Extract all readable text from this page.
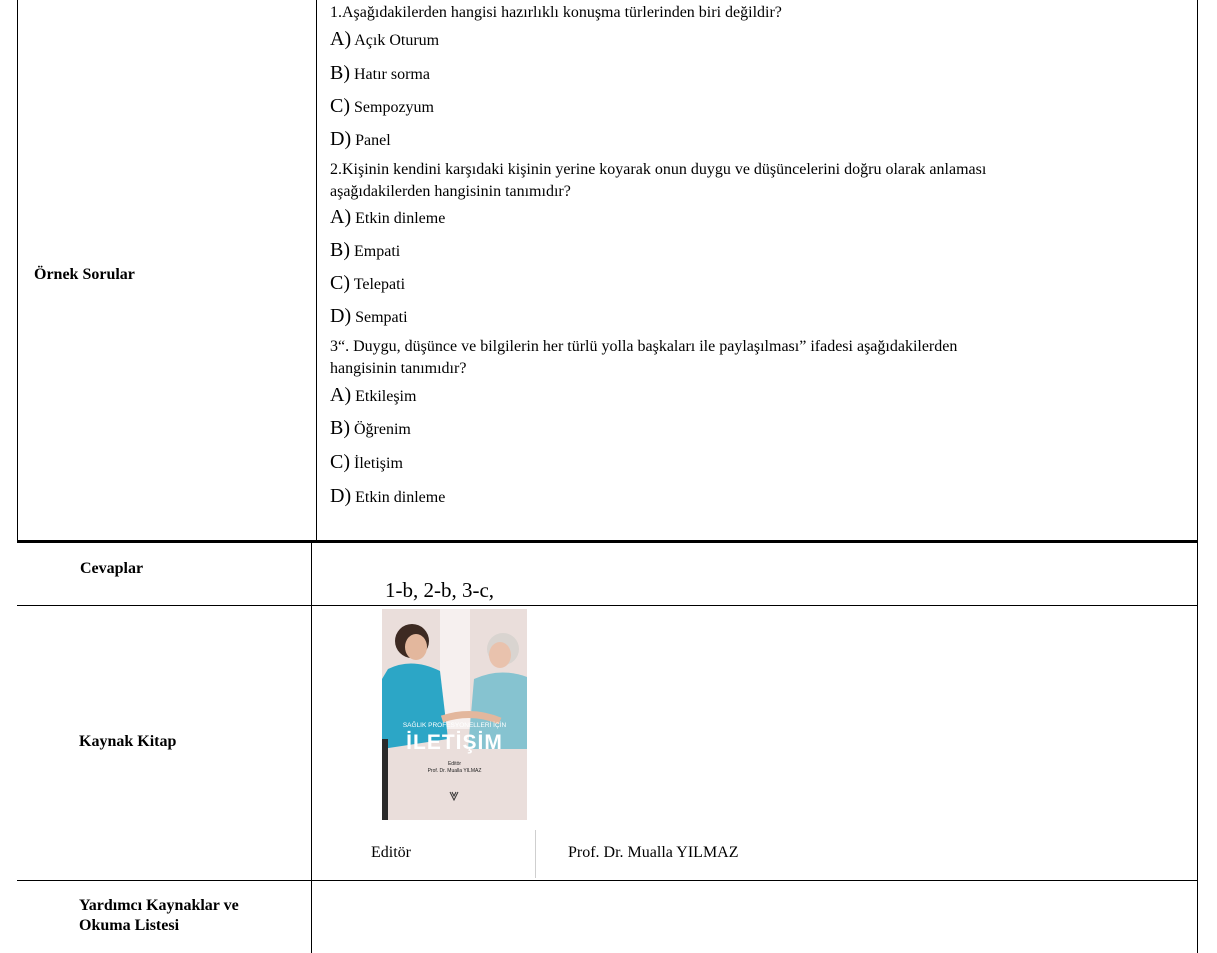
Örnek Sorular
Cevaplar
Kaynak Kitap
Yardımcı Kaynaklar ve
Okuma Listesi
1.Aşağıdakilerden hangisi hazırlıklı konuşma türlerinden biri değildir?
A) Açık Oturum
B) Hatır sorma
C) Sempozyum
D) Panel
2.Kişinin kendini karşıdaki kişinin yerine koyarak onun duygu ve düşüncelerini doğru olarak anlaması
aşağıdakilerden hangisinin tanımıdır?
A) Etkin dinleme
B) Empati
C) Telepati
D) Sempati
3“. Duygu, düşünce ve bilgilerin her türlü yolla başkaları ile paylaşılması” ifadesi aşağıdakilerden
hangisinin tanımıdır?
A) Etkileşim
B) Öğrenim
C) İletişim
D) Etkin dinleme
1-b, 2-b, 3-c,
SAĞLIK PROFESYONELLERİ İÇİN
İLETİŞİM
Editör
Prof. Dr. Mualla YILMAZ
Editör	Prof. Dr. Mualla YILMAZ
